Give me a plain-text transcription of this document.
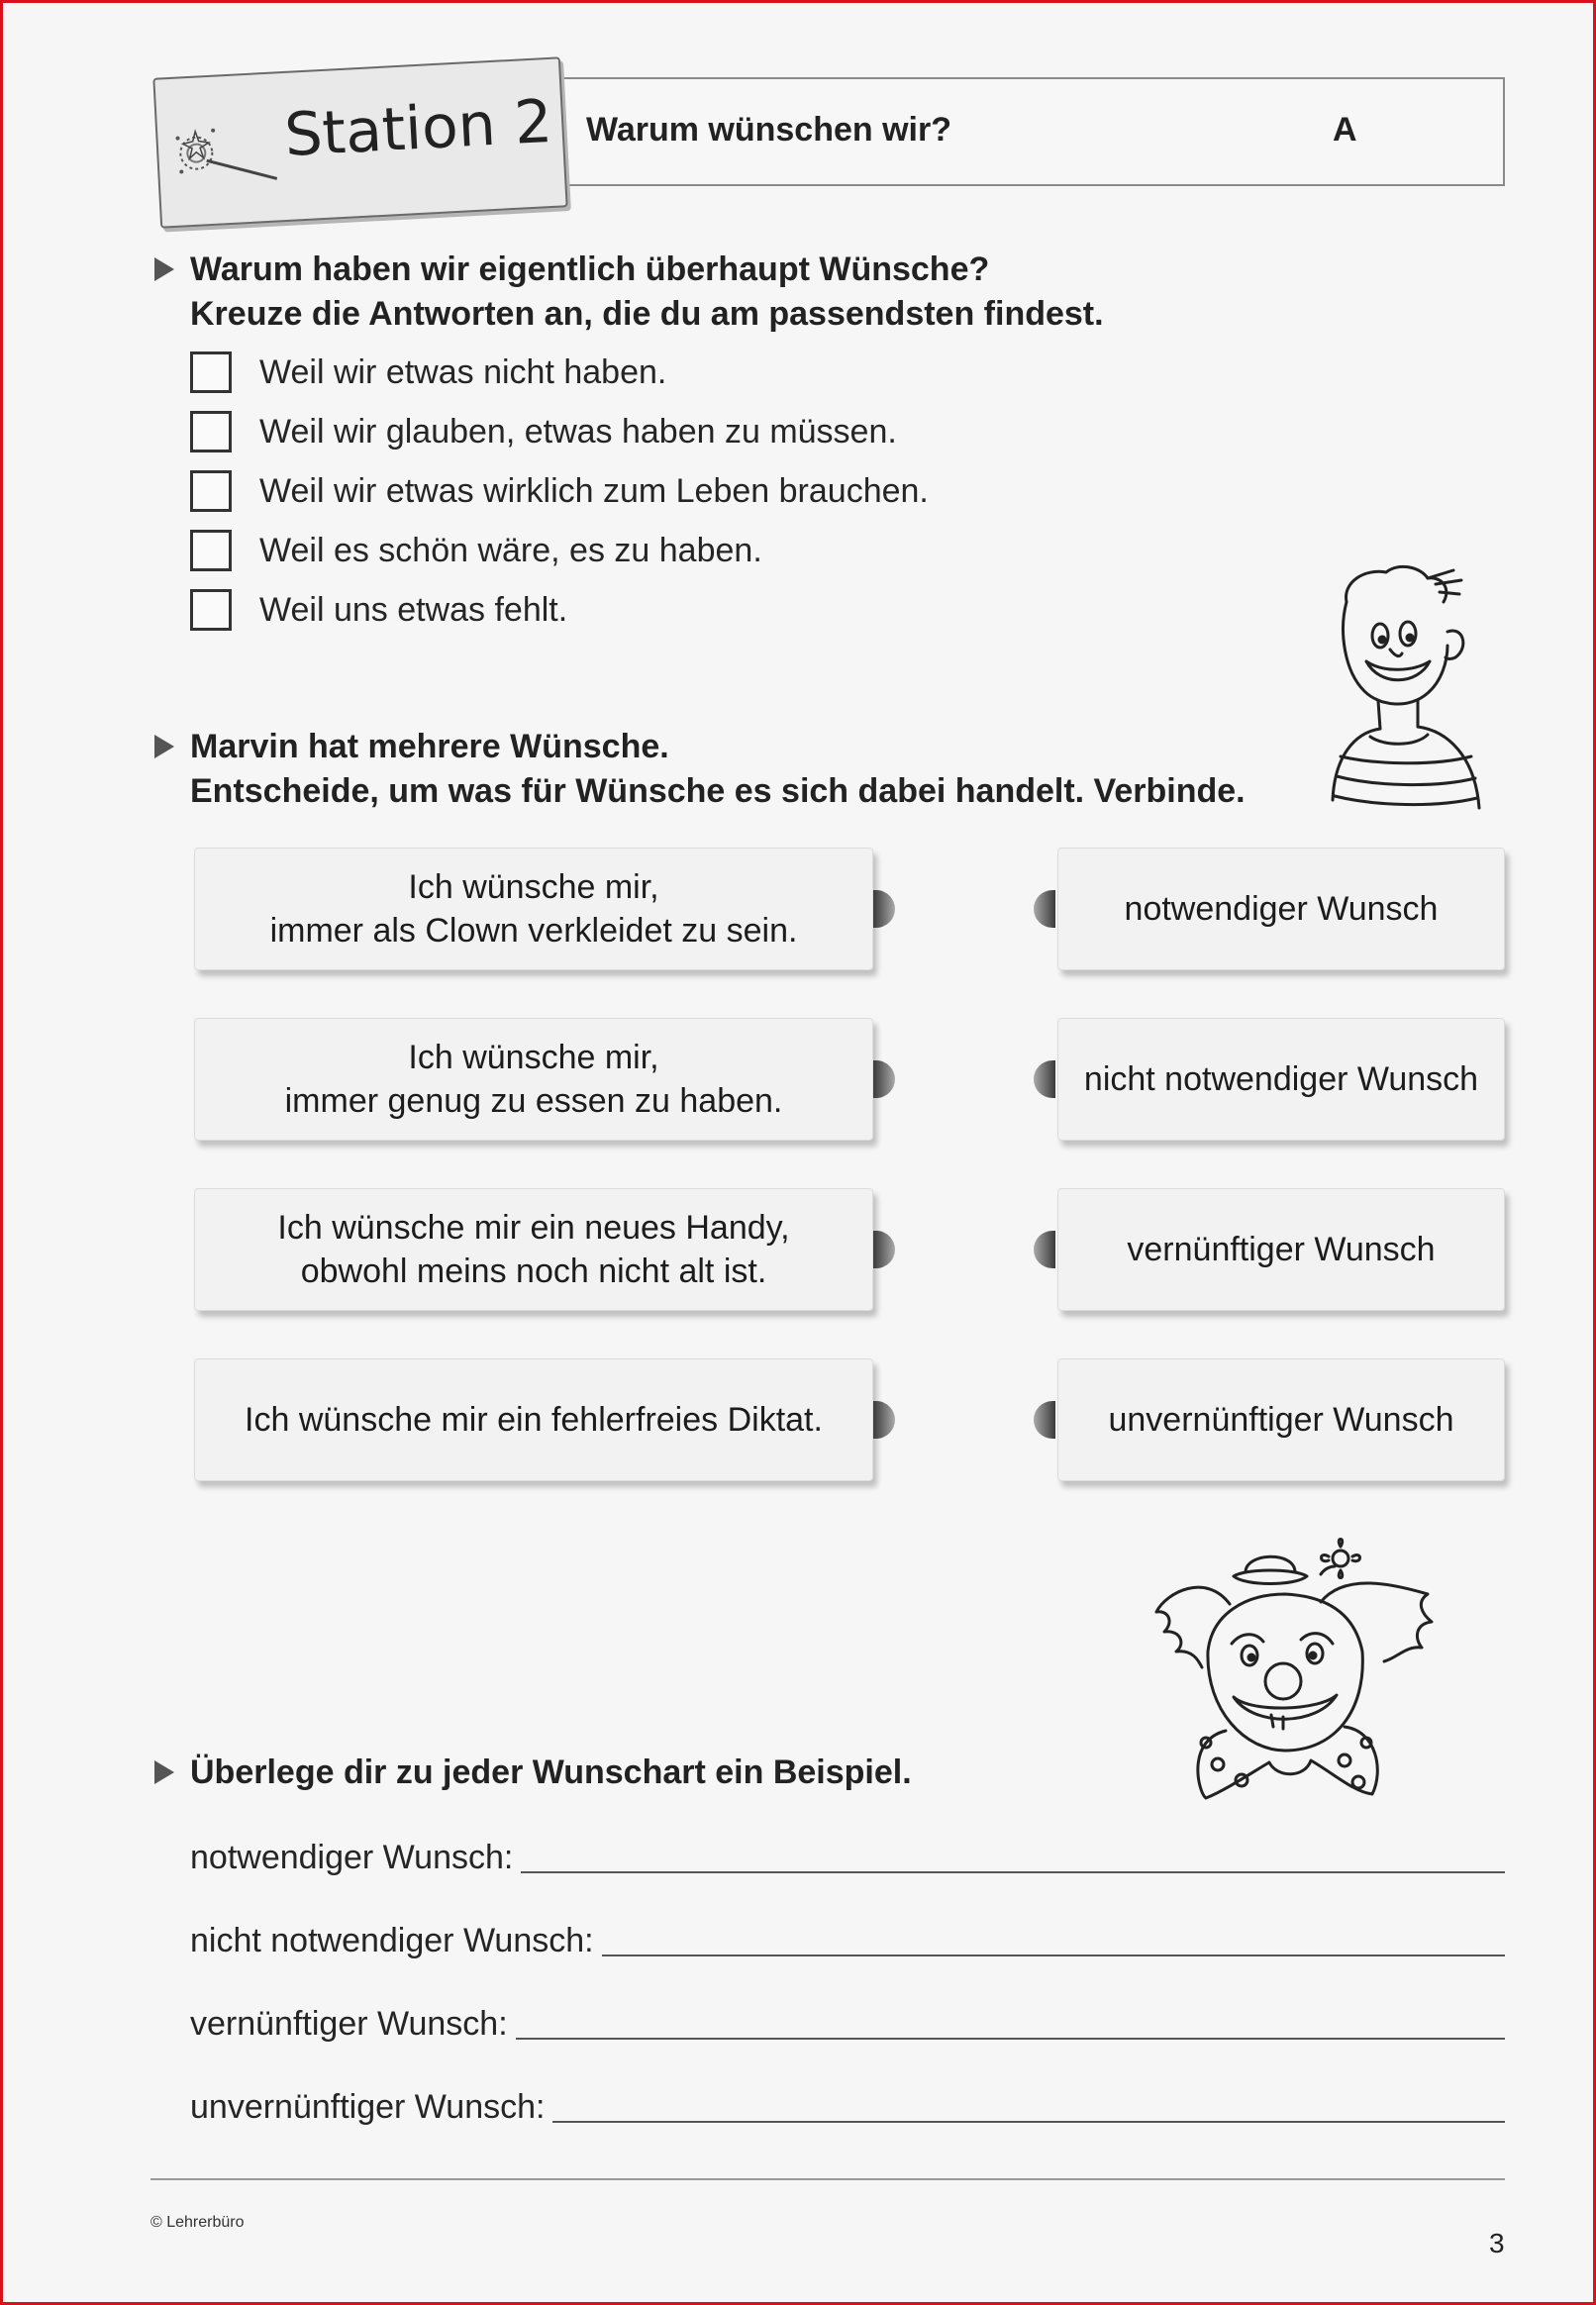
Warum wünschen wir?	A
Station 2
Warum haben wir eigentlich überhaupt Wünsche?
Kreuze die Antworten an, die du am passendsten findest.
Weil wir etwas nicht haben.
Weil wir glauben, etwas haben zu müssen.
Weil wir etwas wirklich zum Leben brauchen.
Weil es schön wäre, es zu haben.
Weil uns etwas fehlt.
Marvin hat mehrere Wünsche.
Entscheide, um was für Wünsche es sich dabei handelt. Verbinde.
Ich wünsche mir,
immer als Clown verkleidet zu sein.
Ich wünsche mir,
immer genug zu essen zu haben.
Ich wünsche mir ein neues Handy,
obwohl meins noch nicht alt ist.
Ich wünsche mir ein fehlerfreies Diktat.
notwendiger Wunsch
nicht notwendiger Wunsch
vernünftiger Wunsch
unvernünftiger Wunsch
Überlege dir zu jeder Wunschart ein Beispiel.
notwendiger Wunsch:
nicht notwendiger Wunsch:
vernünftiger Wunsch:
unvernünftiger Wunsch:
© Lehrerbüro
3
